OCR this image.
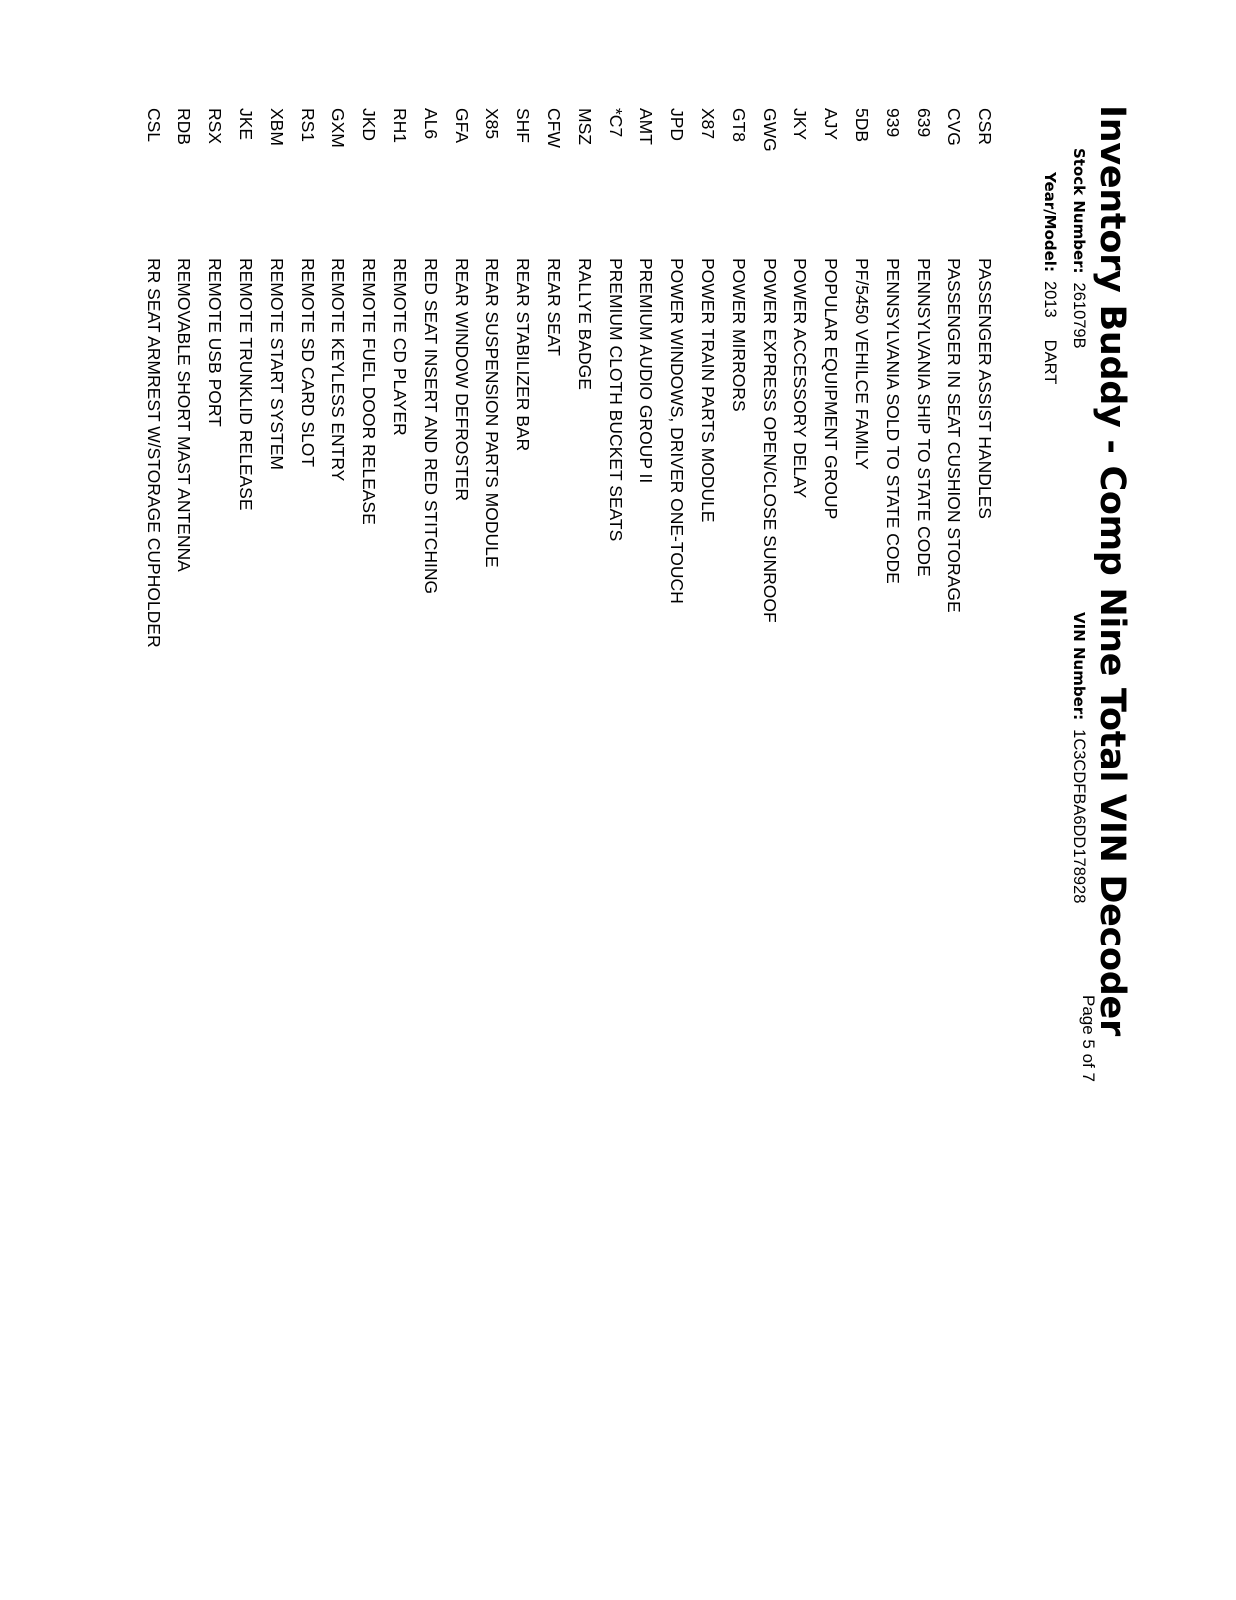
Inventory Buddy - Comp Nine Total VIN Decoder
Page 5 of 7
Stock Number:261079B
Year/Model:2013DART
VIN Number:1C3CDFBA6DD178928
CSR
PASSENGER ASSIST HANDLES
CVG
PASSENGER IN SEAT CUSHION STORAGE
639
PENNSYLVANIA SHIP TO STATE CODE
939
PENNSYLVANIA SOLD TO STATE CODE
5DB
PF/5450 VEHILCE FAMILY
AJY
POPULAR EQUIPMENT GROUP
JKY
POWER ACCESSORY DELAY
GWG
POWER EXPRESS OPEN/CLOSE SUNROOF
GT8
POWER MIRRORS
X87
POWER TRAIN PARTS MODULE
JPD
POWER WINDOWS, DRIVER ONE-TOUCH
AMT
PREMIUM AUDIO GROUP II
*C7
PREMIUM CLOTH BUCKET SEATS
MSZ
RALLYE BADGE
CFW
REAR SEAT
SHF
REAR STABILIZER BAR
X85
REAR SUSPENSION PARTS MODULE
GFA
REAR WINDOW DEFROSTER
AL6
RED SEAT INSERT AND RED STITCHING
RH1
REMOTE CD PLAYER
JKD
REMOTE FUEL DOOR RELEASE
GXM
REMOTE KEYLESS ENTRY
RS1
REMOTE SD CARD SLOT
XBM
REMOTE START SYSTEM
JKE
REMOTE TRUNKLID RELEASE
RSX
REMOTE USB PORT
RDB
REMOVABLE SHORT MAST ANTENNA
CSL
RR SEAT ARMREST W/STORAGE CUPHOLDER
